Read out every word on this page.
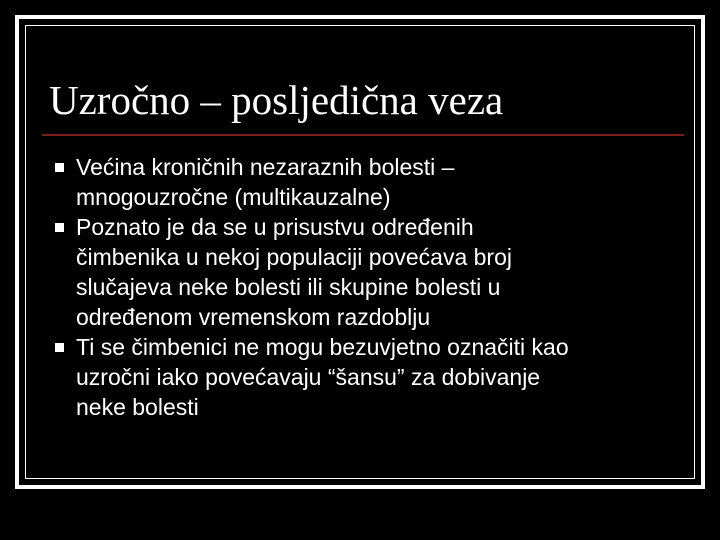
Uzročno – posljedična veza
Većina kroničnih nezaraznih bolesti –
mnogouzročne (multikauzalne)
Poznato je da se u prisustvu određenih
čimbenika u nekoj populaciji povećava broj
slučajeva neke bolesti ili skupine bolesti u
određenom vremenskom razdoblju
Ti se čimbenici ne mogu bezuvjetno označiti kao
uzročni iako povećavaju “šansu” za dobivanje
neke bolesti
